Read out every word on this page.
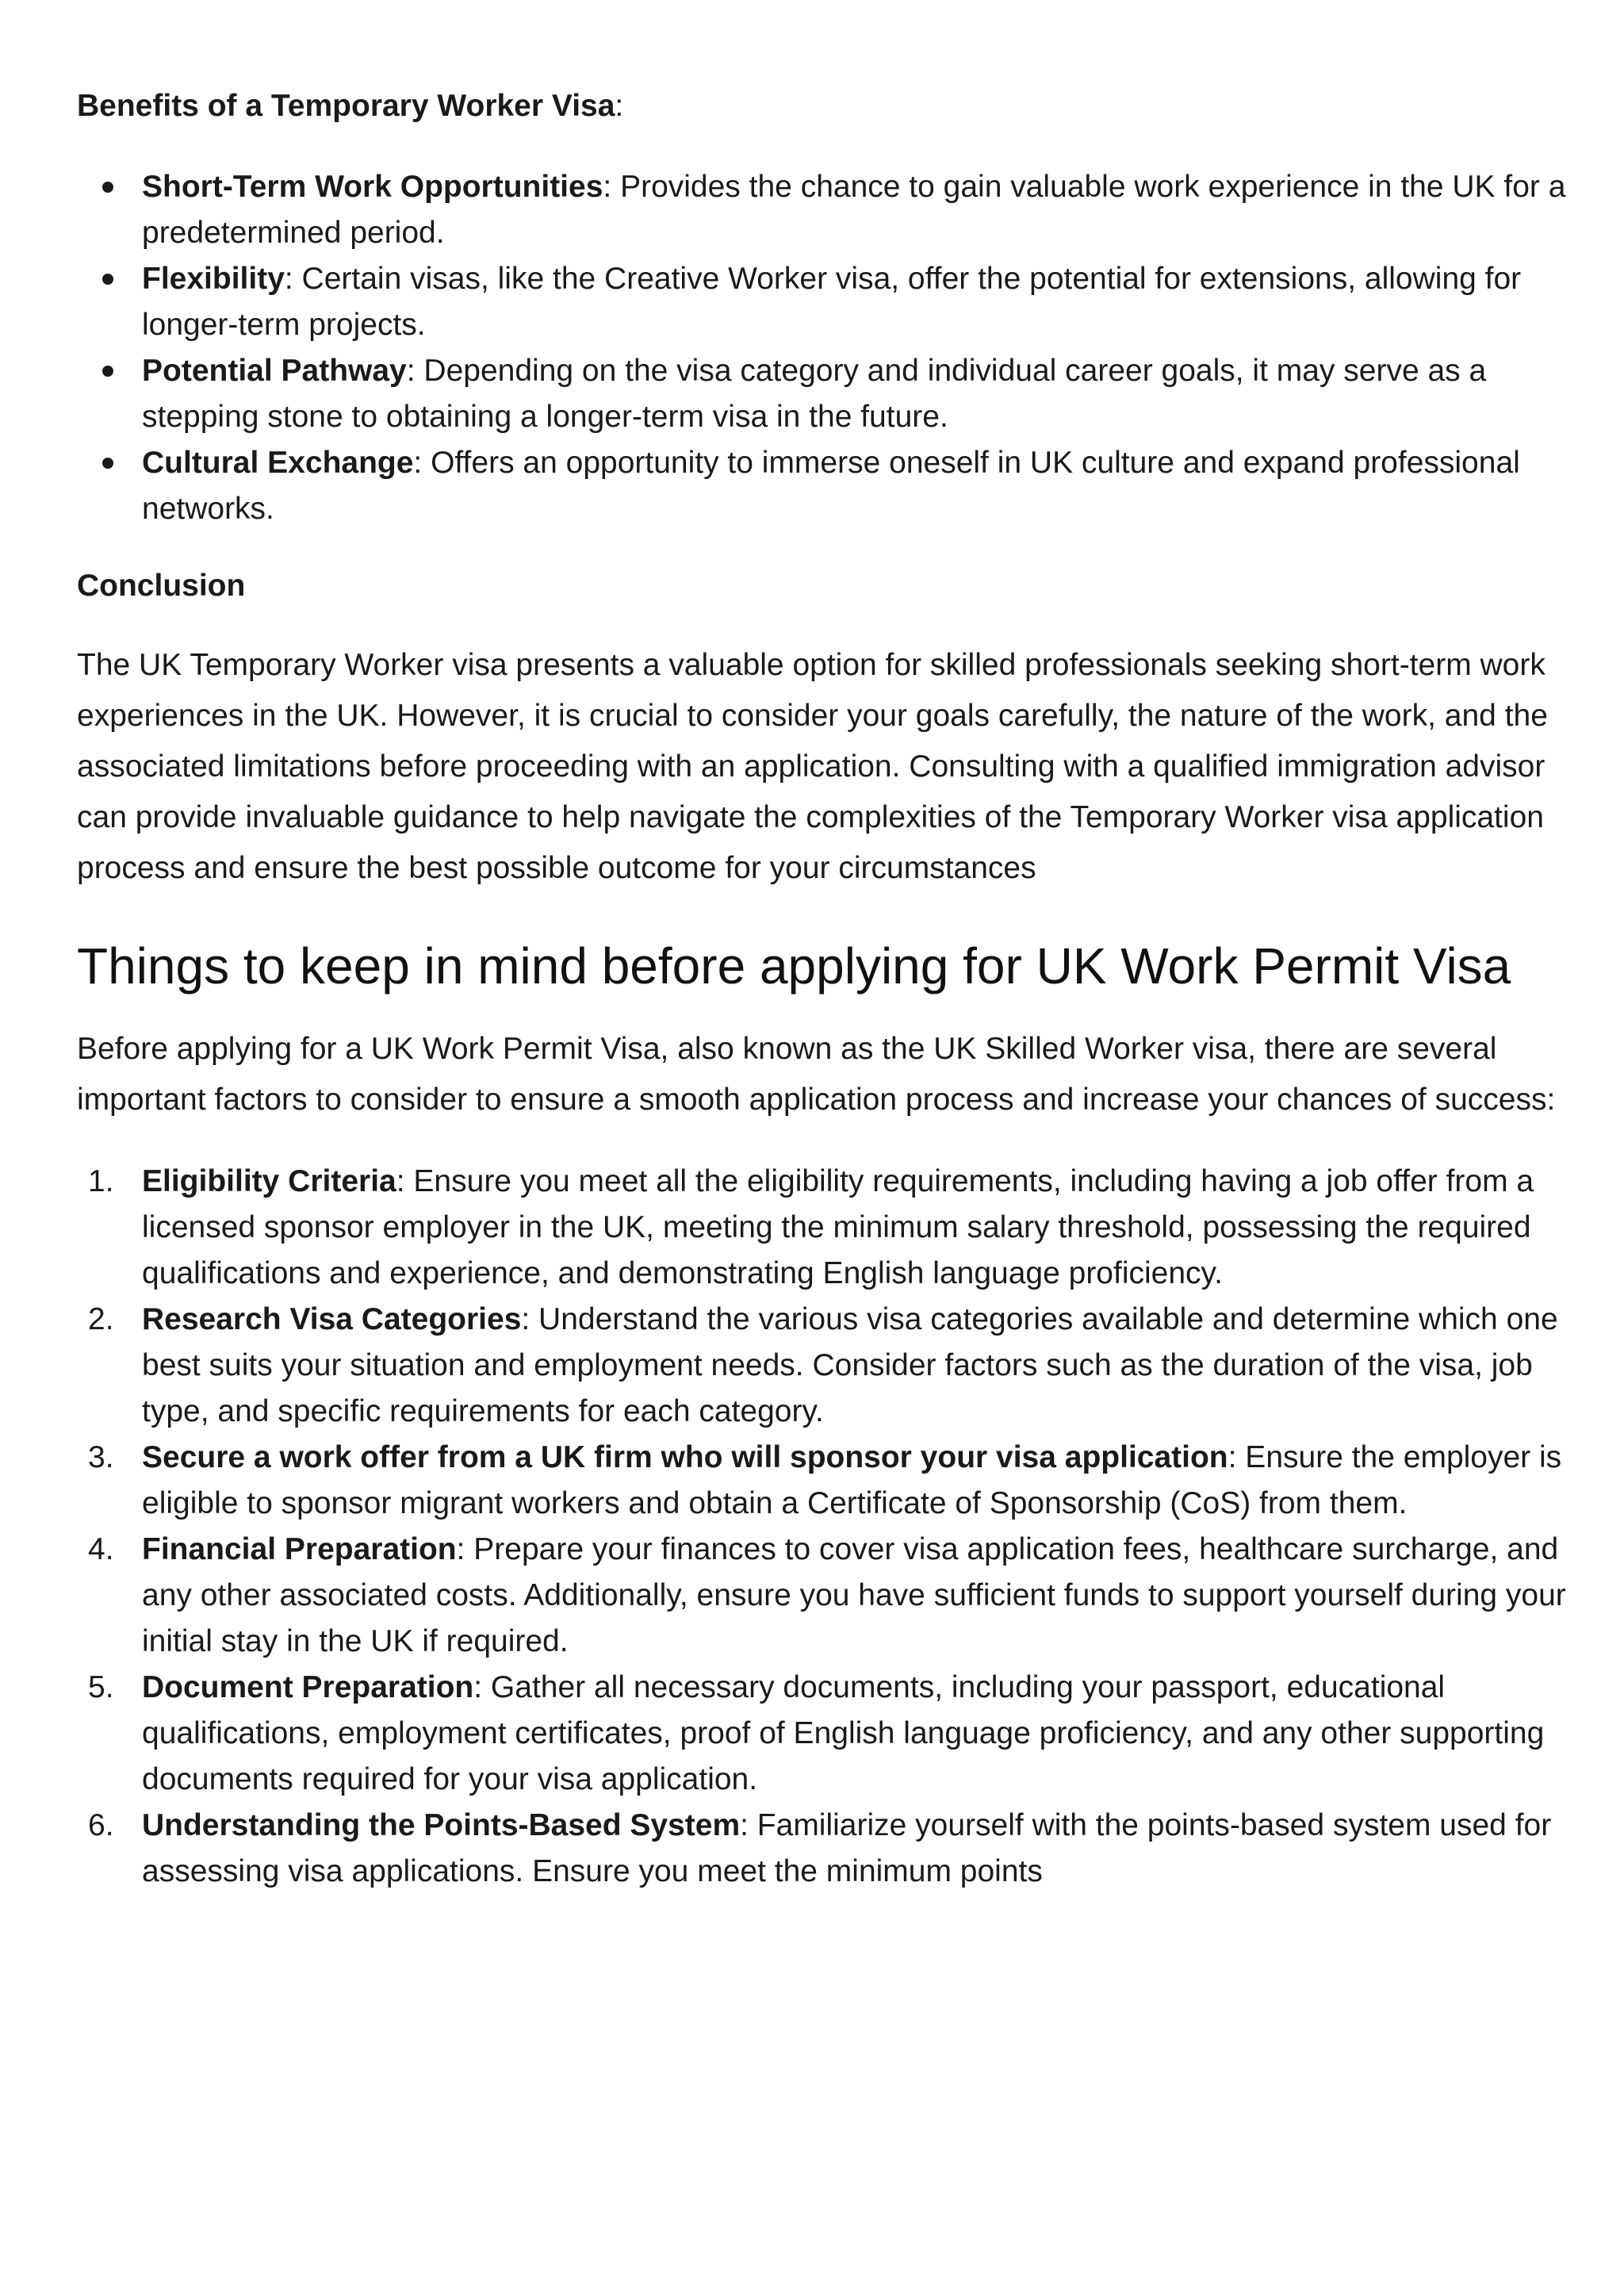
Benefits of a Temporary Worker Visa:

Short-Term Work Opportunities: Provides the chance to gain valuable work experience in the UK for a predetermined period.
Flexibility: Certain visas, like the Creative Worker visa, offer the potential for extensions, allowing for longer-term projects.
Potential Pathway: Depending on the visa category and individual career goals, it may serve as a stepping stone to obtaining a longer-term visa in the future.
Cultural Exchange: Offers an opportunity to immerse oneself in UK culture and expand professional networks.

Conclusion

The UK Temporary Worker visa presents a valuable option for skilled professionals seeking short-term work experiences in the UK. However, it is crucial to consider your goals carefully, the nature of the work, and the associated limitations before proceeding with an application. Consulting with a qualified immigration advisor can provide invaluable guidance to help navigate the complexities of the Temporary Worker visa application process and ensure the best possible outcome for your circumstances

Things to keep in mind before applying for UK Work Permit Visa

Before applying for a UK Work Permit Visa, also known as the UK Skilled Worker visa, there are several important factors to consider to ensure a smooth application process and increase your chances of success:

1. Eligibility Criteria: Ensure you meet all the eligibility requirements, including having a job offer from a licensed sponsor employer in the UK, meeting the minimum salary threshold, possessing the required qualifications and experience, and demonstrating English language proficiency.
2. Research Visa Categories: Understand the various visa categories available and determine which one best suits your situation and employment needs. Consider factors such as the duration of the visa, job type, and specific requirements for each category.
3. Secure a work offer from a UK firm who will sponsor your visa application: Ensure the employer is eligible to sponsor migrant workers and obtain a Certificate of Sponsorship (CoS) from them.
4. Financial Preparation: Prepare your finances to cover visa application fees, healthcare surcharge, and any other associated costs. Additionally, ensure you have sufficient funds to support yourself during your initial stay in the UK if required.
5. Document Preparation: Gather all necessary documents, including your passport, educational qualifications, employment certificates, proof of English language proficiency, and any other supporting documents required for your visa application.
6. Understanding the Points-Based System: Familiarize yourself with the points-based system used for assessing visa applications. Ensure you meet the minimum points
